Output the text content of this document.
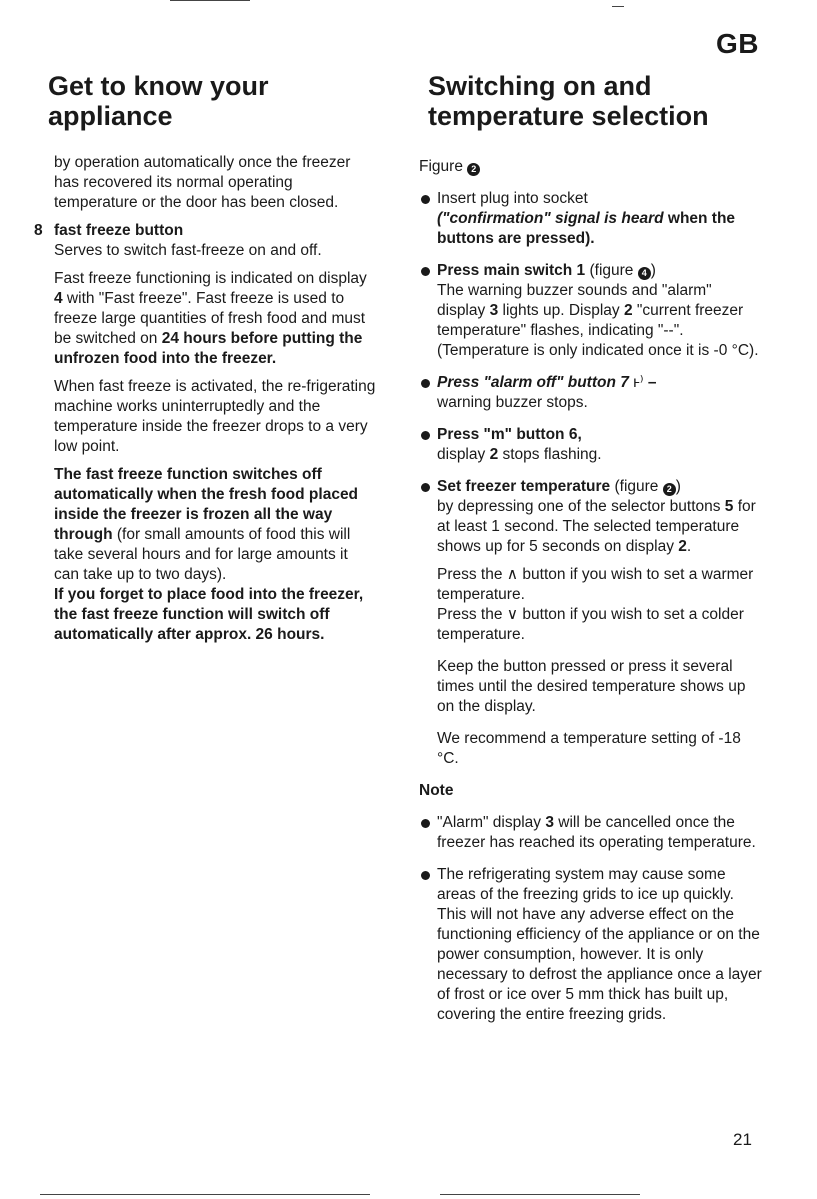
GB
Get to know your
appliance

by operation automatically once the freezer has recovered its normal operating temperature or the door has been closed.

8 fast freeze button

Serves to switch fast-freeze on and off.

Fast freeze functioning is indicated on display 4 with "Fast freeze". Fast freeze is used to freeze large quantities of fresh food and must be switched on 24 hours before putting the unfrozen food into the freezer.

When fast freeze is activated, the re-frigerating machine works uninterruptedly and the temperature inside the freezer drops to a very low point.

The fast freeze function switches off automatically when the fresh food placed inside the freezer is frozen all the way through (for small amounts of food this will take several hours and for large amounts it can take up to two days).

If you forget to place food into the freezer, the fast freeze function will switch off automatically after approx. 26 hours.

Switching on and
temperature selection

Figure 2

Insert plug into socket

("confirmation" signal is heard when the buttons are pressed).

Press main switch 1 (figure 4 )

The warning buzzer sounds and "alarm" display 3 lights up. Display 2 "current freezer temperature" flashes, indicating "--". (Temperature is only indicated once it is -0 °C).

Press "alarm off" button 7 ⱶ⁾ –

warning buzzer stops.

Press "m" button 6,

display 2 stops flashing.

Set freezer temperature (figure 2 )

by depressing one of the selector buttons 5 for at least 1 second. The selected temperature shows up for 5 seconds on display 2.

Press the ∧ button if you wish to set a warmer temperature.

Press the ∨ button if you wish to set a colder temperature.

Keep the button pressed or press it several times until the desired temperature shows up on the display.

We recommend a temperature setting of -18 °C.

Note

"Alarm" display 3 will be cancelled once the freezer has reached its operating temperature.

The refrigerating system may cause some areas of the freezing grids to ice up quickly. This will not have any adverse effect on the functioning efficiency of the appliance or on the power consumption, however. It is only necessary to defrost the appliance once a layer of frost or ice over 5 mm thick has built up, covering the entire freezing grids.

21
